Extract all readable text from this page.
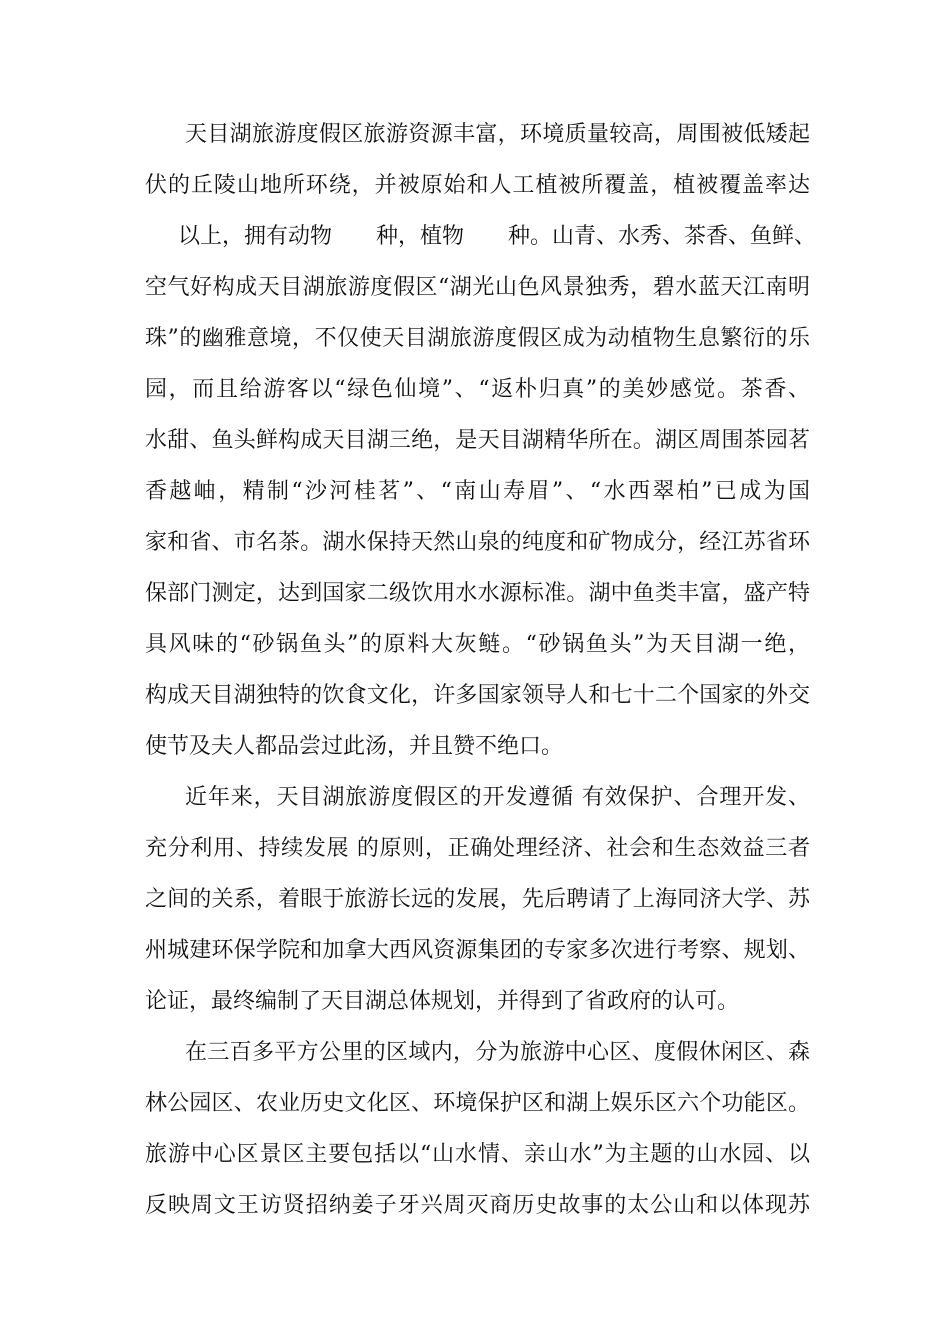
天目湖旅游度假区旅游资源丰富，环境质量较高，周围被低矮起
伏的丘陵山地所环绕，并被原始和人工植被所覆盖，植被覆盖率达
以上，拥有动物　　种，植物　　种。山青、水秀、茶香、鱼鲜、
空气好构成天目湖旅游度假区“湖光山色风景独秀，碧水蓝天江南明
珠”的幽雅意境，不仅使天目湖旅游度假区成为动植物生息繁衍的乐
园，而且给游客以“绿色仙境”、“返朴归真”的美妙感觉。茶香、
水甜、鱼头鲜构成天目湖三绝，是天目湖精华所在。湖区周围茶园茗
香越岫，精制“沙河桂茗”、“南山寿眉”、“水西翠柏”已成为国
家和省、市名茶。湖水保持天然山泉的纯度和矿物成分，经江苏省环
保部门测定，达到国家二级饮用水水源标准。湖中鱼类丰富，盛产特
具风味的“砂锅鱼头”的原料大灰鲢。“砂锅鱼头”为天目湖一绝，
构成天目湖独特的饮食文化，许多国家领导人和七十二个国家的外交
使节及夫人都品尝过此汤，并且赞不绝口。
近年来，天目湖旅游度假区的开发遵循 有效保护、合理开发、
充分利用、持续发展 的原则，正确处理经济、社会和生态效益三者
之间的关系，着眼于旅游长远的发展，先后聘请了上海同济大学、苏
州城建环保学院和加拿大西风资源集团的专家多次进行考察、规划、
论证，最终编制了天目湖总体规划，并得到了省政府的认可。
在三百多平方公里的区域内，分为旅游中心区、度假休闲区、森
林公园区、农业历史文化区、环境保护区和湖上娱乐区六个功能区。
旅游中心区景区主要包括以“山水情、亲山水”为主题的山水园、以
反映周文王访贤招纳姜子牙兴周灭商历史故事的太公山和以体现苏
